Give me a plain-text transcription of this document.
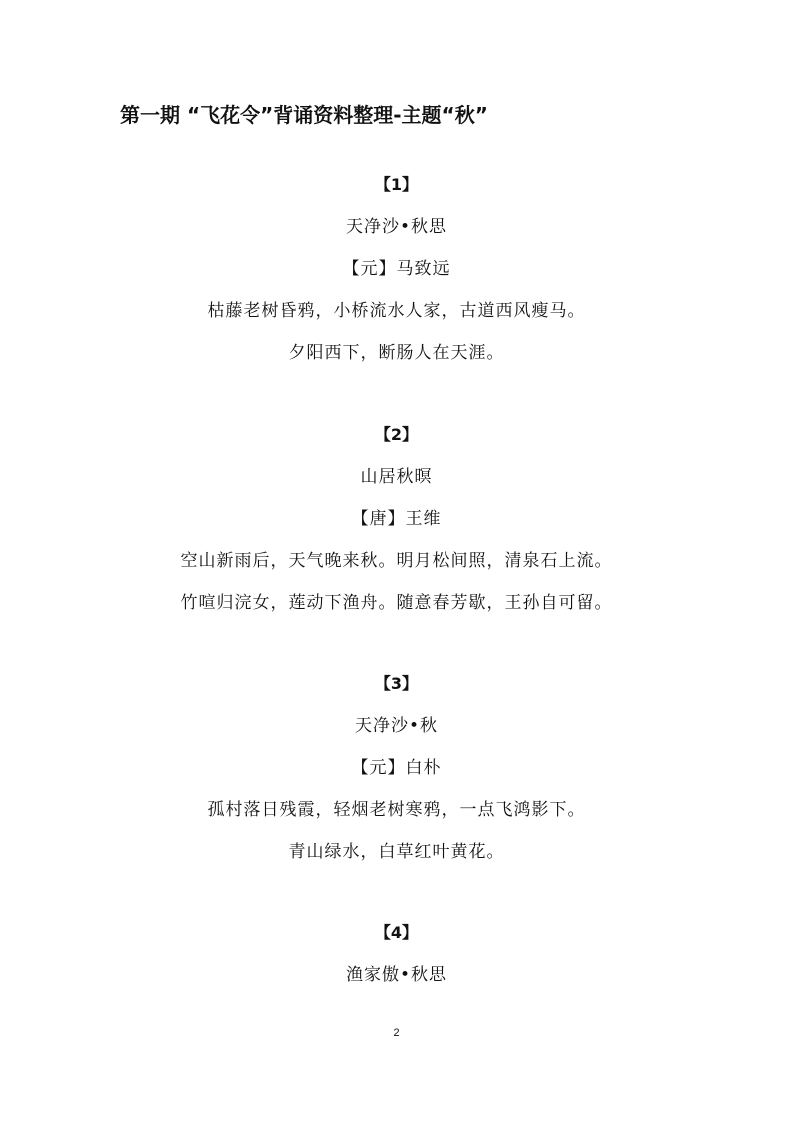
第一期 “飞花令”背诵资料整理-主题“秋”
【1】
天净沙•秋思
【元】马致远
枯藤老树昏鸦，小桥流水人家，古道西风瘦马。
夕阳西下，断肠人在天涯。
【2】
山居秋暝
【唐】王维
空山新雨后，天气晚来秋。明月松间照，清泉石上流。
竹喧归浣女，莲动下渔舟。随意春芳歇，王孙自可留。
【3】
天净沙•秋
【元】白朴
孤村落日残霞，轻烟老树寒鸦，一点飞鸿影下。
青山绿水，白草红叶黄花。
【4】
渔家傲•秋思
2
